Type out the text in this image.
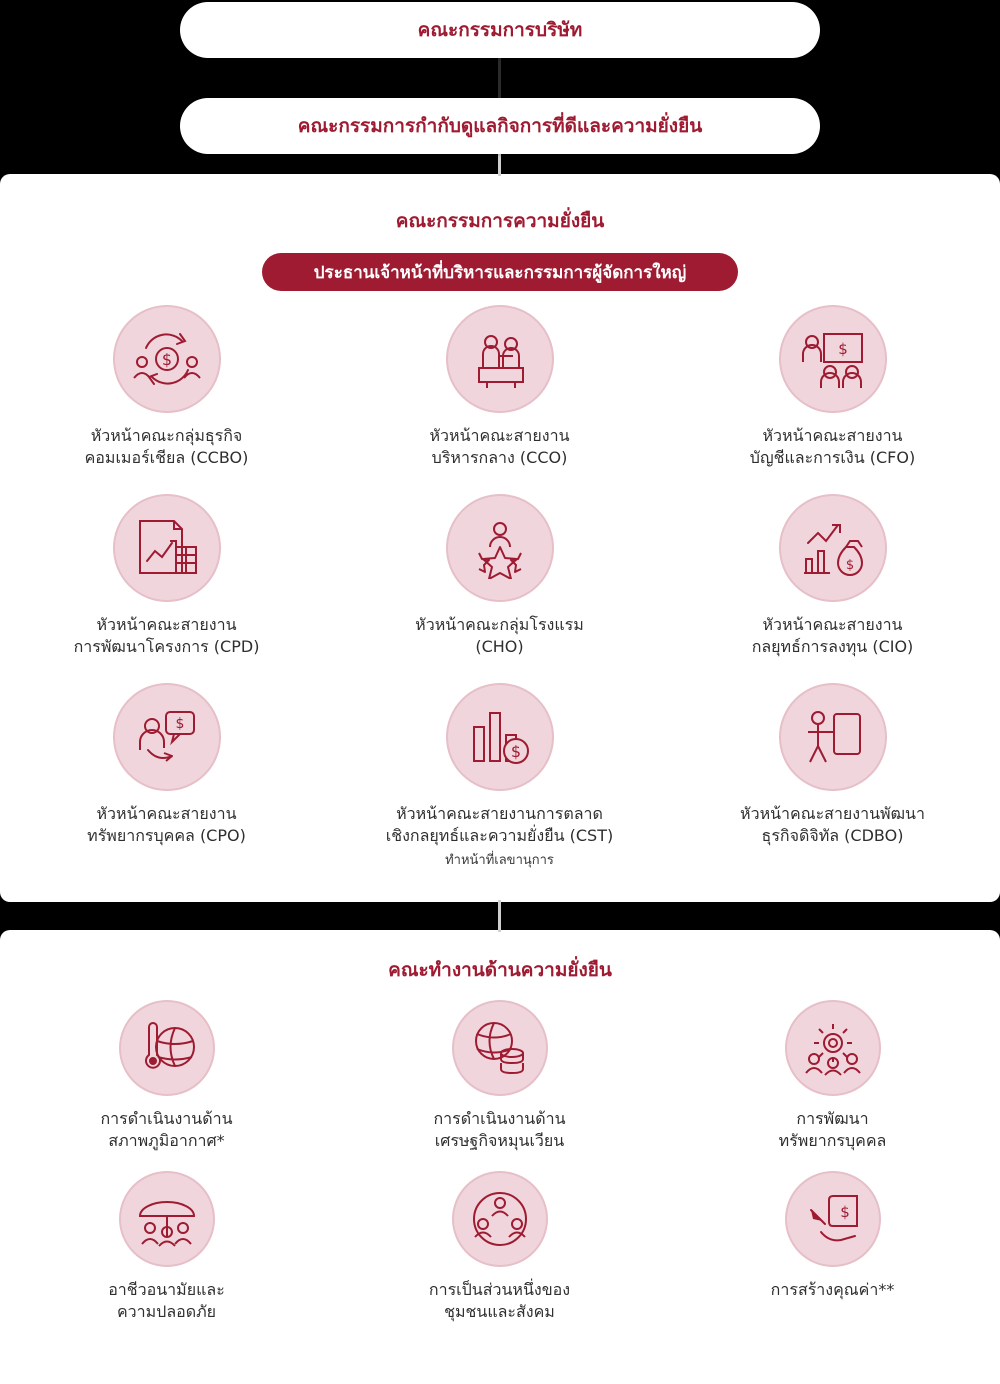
คณะกรรมการบริษัท
คณะกรรมการกำกับดูแลกิจการที่ดีและความยั่งยืน
คณะกรรมการความยั่งยืน
ประธานเจ้าหน้าที่บริหารและกรรมการผู้จัดการใหญ่
$
หัวหน้าคณะกลุ่มธุรกิจ
คอมเมอร์เชียล (CCBO)
หัวหน้าคณะสายงาน
บริหารกลาง (CCO)
$
หัวหน้าคณะสายงาน
บัญชีและการเงิน (CFO)
หัวหน้าคณะสายงาน
การพัฒนาโครงการ (CPD)
หัวหน้าคณะกลุ่มโรงแรม
(CHO)
$
หัวหน้าคณะสายงาน
กลยุทธ์การลงทุน (CIO)
$
หัวหน้าคณะสายงาน
ทรัพยากรบุคคล (CPO)
$
หัวหน้าคณะสายงานการตลาด
เชิงกลยุทธ์และความยั่งยืน (CST)
ทำหน้าที่เลขานุการ
หัวหน้าคณะสายงานพัฒนา
ธุรกิจดิจิทัล (CDBO)
คณะทำงานด้านความยั่งยืน
การดำเนินงานด้าน
สภาพภูมิอากาศ*
การดำเนินงานด้าน
เศรษฐกิจหมุนเวียน
การพัฒนา
ทรัพยากรบุคคล
อาชีวอนามัยและ
ความปลอดภัย
การเป็นส่วนหนึ่งของ
ชุมชนและสังคม
$
การสร้างคุณค่า**
